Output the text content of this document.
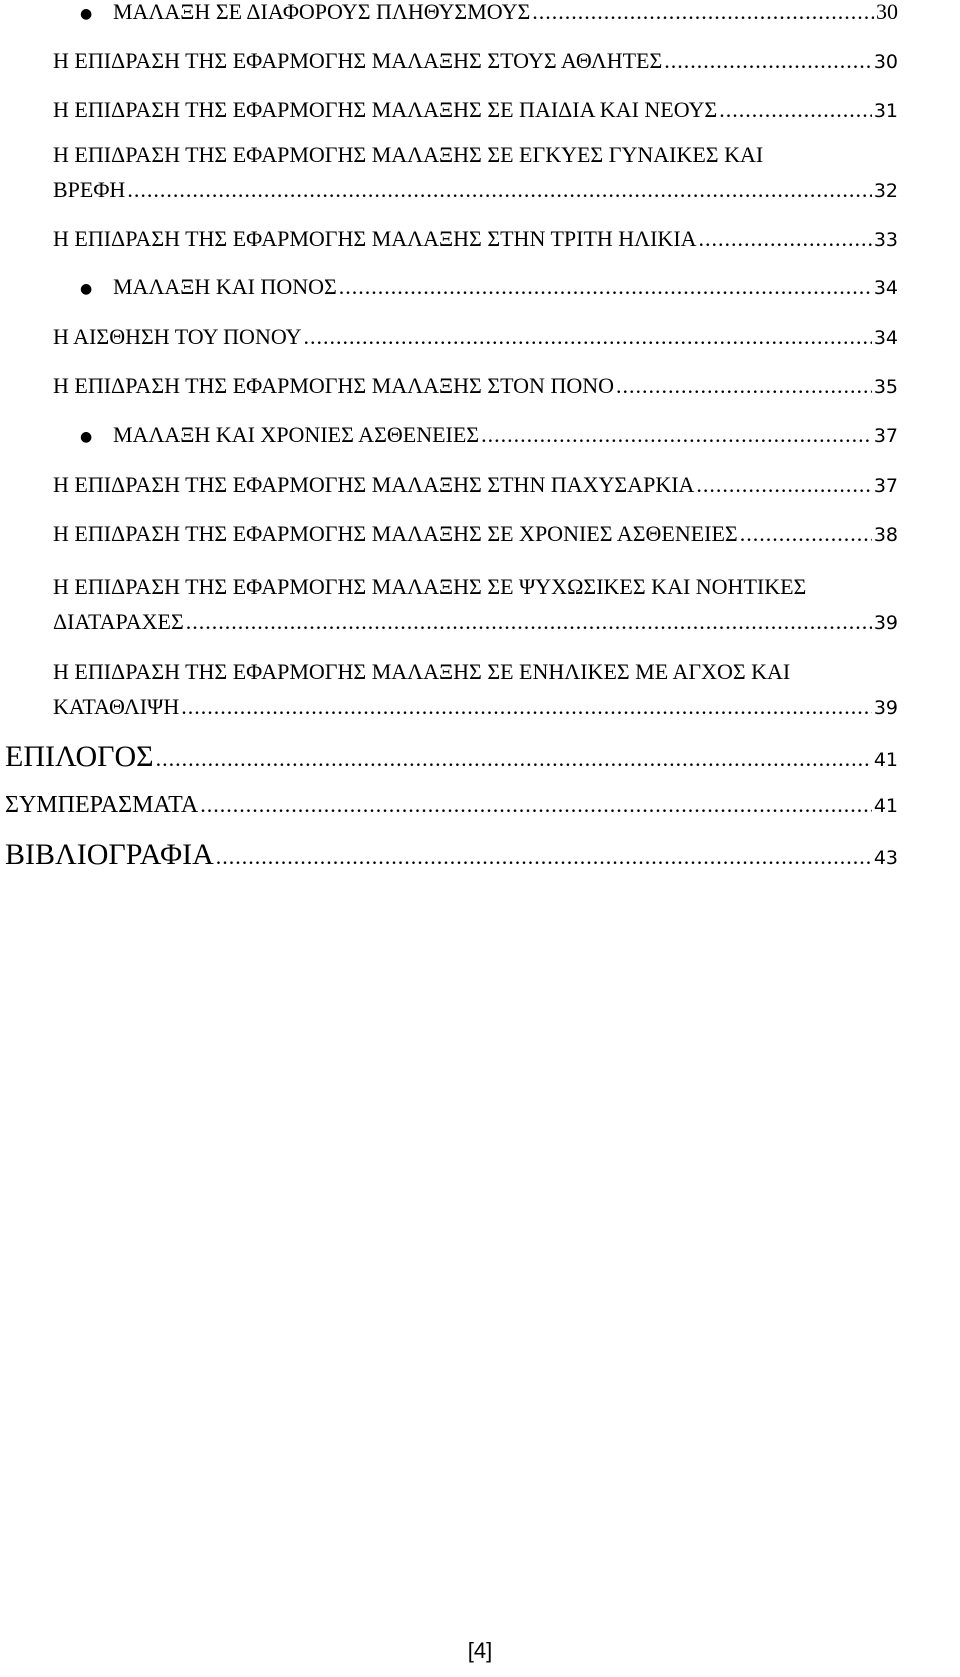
● ΜΑΛΑΞΗ ΣΕ ΔΙΑΦΟΡΟΥΣ ΠΛΗΘΥΣΜΟΥΣ .....	30
Η ΕΠΙΔΡΑΣΗ ΤΗΣ ΕΦΑΡΜΟΓΗΣ ΜΑΛΑΞΗΣ ΣΤΟΥΣ ΑΘΛΗΤΕΣ .....	30
Η ΕΠΙΔΡΑΣΗ ΤΗΣ ΕΦΑΡΜΟΓΗΣ ΜΑΛΑΞΗΣ ΣΕ ΠΑΙΔΙΑ ΚΑΙ ΝΕΟΥΣ .....	31
Η ΕΠΙΔΡΑΣΗ ΤΗΣ ΕΦΑΡΜΟΓΗΣ ΜΑΛΑΞΗΣ ΣΕ ΕΓΚΥΕΣ ΓΥΝΑΙΚΕΣ ΚΑΙ
ΒΡΕΦΗ .....	32
Η ΕΠΙΔΡΑΣΗ ΤΗΣ ΕΦΑΡΜΟΓΗΣ ΜΑΛΑΞΗΣ ΣΤΗΝ ΤΡΙΤΗ ΗΛΙΚΙΑ .....	33
● ΜΑΛΑΞΗ ΚΑΙ ΠΟΝΟΣ .....	34
Η ΑΙΣΘΗΣΗ ΤΟΥ ΠΟΝΟΥ .....	34
Η ΕΠΙΔΡΑΣΗ ΤΗΣ ΕΦΑΡΜΟΓΗΣ ΜΑΛΑΞΗΣ ΣΤΟΝ ΠΟΝΟ .....	35
● ΜΑΛΑΞΗ ΚΑΙ ΧΡΟΝΙΕΣ ΑΣΘΕΝΕΙΕΣ .....	37
Η ΕΠΙΔΡΑΣΗ ΤΗΣ ΕΦΑΡΜΟΓΗΣ ΜΑΛΑΞΗΣ ΣΤΗΝ ΠΑΧΥΣΑΡΚΙΑ .....	37
Η ΕΠΙΔΡΑΣΗ ΤΗΣ ΕΦΑΡΜΟΓΗΣ ΜΑΛΑΞΗΣ ΣΕ ΧΡΟΝΙΕΣ ΑΣΘΕΝΕΙΕΣ .....	38
Η ΕΠΙΔΡΑΣΗ ΤΗΣ ΕΦΑΡΜΟΓΗΣ ΜΑΛΑΞΗΣ ΣΕ ΨΥΧΩΣΙΚΕΣ ΚΑΙ ΝΟΗΤΙΚΕΣ
ΔΙΑΤΑΡΑΧΕΣ .....	39
Η ΕΠΙΔΡΑΣΗ ΤΗΣ ΕΦΑΡΜΟΓΗΣ ΜΑΛΑΞΗΣ ΣΕ ΕΝΗΛΙΚΕΣ ΜΕ ΑΓΧΟΣ ΚΑΙ
ΚΑΤΑΘΛΙΨΗ .....	39
ΕΠΙΛΟΓΟΣ .....	41
ΣΥΜΠΕΡΑΣΜΑΤΑ .....	41
ΒΙΒΛΙΟΓΡΑΦΙΑ .....	43
[4]
